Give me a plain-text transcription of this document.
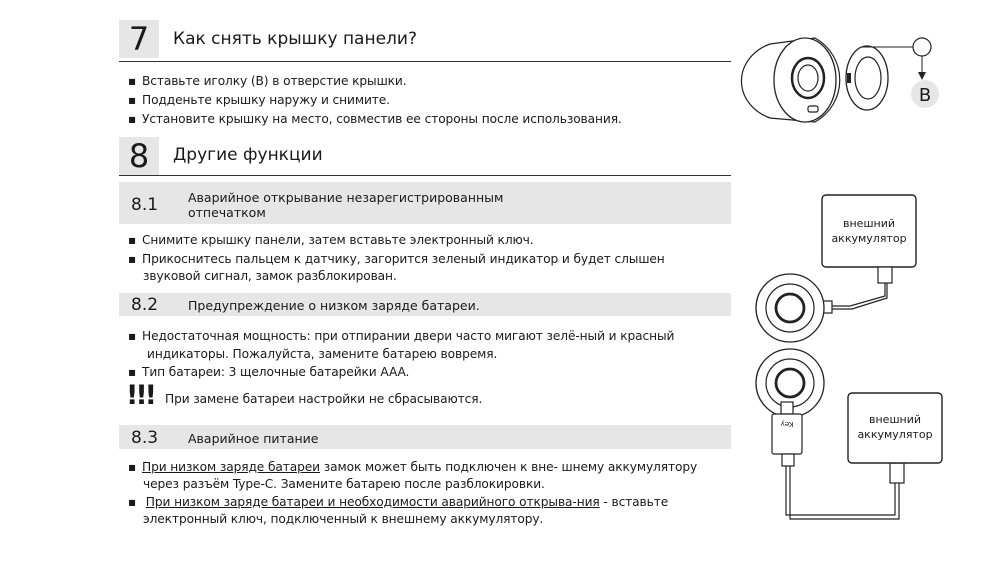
7	Как снять крышку панели?
▪ Вставьте иголку (B) в отверстие крышки.
▪ Подденьте крышку наружу и снимите.
▪ Установите крышку на место, совместив ее стороны после использования.
8	Другие функции
8.1 Аварийное открывание незарегистрированным
отпечатком
▪ Снимите крышку панели, затем вставьте электронный ключ.
▪ Прикоснитесь пальцем к датчику, загорится зеленый индикатор и будет слышен
звуковой сигнал, замок разблокирован.
8.2 Предупреждение о низком заряде батареи.
▪ Недостаточная мощность: при отпирании двери часто мигают зелё-ный и красный
индикаторы. Пожалуйста, замените батарею вовремя.
▪ Тип батареи: 3 щелочные батарейки AAA.
!!! При замене батареи настройки не сбрасываются.
8.3 Аварийное питание
▪ При низком заряде батареи замок может быть подключен к вне- шнему аккумулятору
через разъём Type-C. Замените батарею после разблокировки.
▪ При низком заряде батареи и необходимости аварийного открыва-ния - вставьте
электронный ключ, подключенный к внешнему аккумулятору.
B
внешний
аккумулятор
Key	внешний
аккумулятор
